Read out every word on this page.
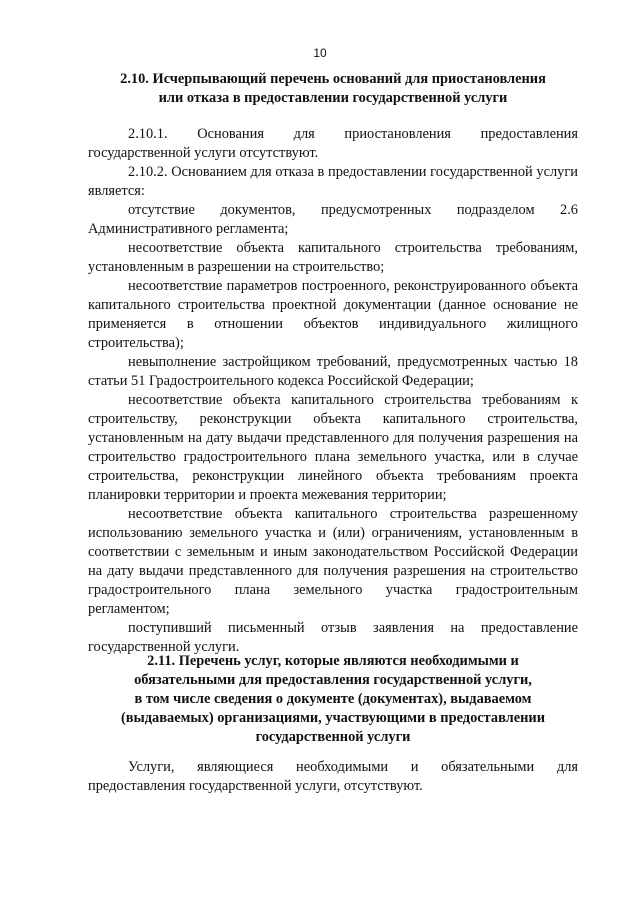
10
2.10. Исчерпывающий перечень оснований для приостановления
или отказа в предоставлении государственной услуги

2.10.1. Основания для приостановления предоставления государственной услуги отсутствуют.

2.10.2. Основанием для отказа в предоставлении государственной услуги является:

отсутствие документов, предусмотренных подразделом 2.6 Административного регламента;

несоответствие объекта капитального строительства требованиям, установленным в разрешении на строительство;

несоответствие параметров построенного, реконструированного объекта капитального строительства проектной документации (данное основание не применяется в отношении объектов индивидуального жилищного строительства);

невыполнение застройщиком требований, предусмотренных частью 18 статьи 51 Градостроительного кодекса Российской Федерации;

несоответствие объекта капитального строительства требованиям к строительству, реконструкции объекта капитального строительства, установленным на дату выдачи представленного для получения разрешения на строительство градостроительного плана земельного участка, или в случае строительства, реконструкции линейного объекта требованиям проекта планировки территории и проекта межевания территории;

несоответствие объекта капитального строительства разрешенному использованию земельного участка и (или) ограничениям, установленным в соответствии с земельным и иным законодательством Российской Федерации на дату выдачи представленного для получения разрешения на строительство градостроительного плана земельного участка градостроительным регламентом;

поступивший письменный отзыв заявления на предоставление государственной услуги.

2.11. Перечень услуг, которые являются необходимыми и
обязательными для предоставления государственной услуги,
в том числе сведения о документе (документах), выдаваемом
(выдаваемых) организациями, участвующими в предоставлении
государственной услуги

Услуги, являющиеся необходимыми и обязательными для предоставления государственной услуги, отсутствуют.
